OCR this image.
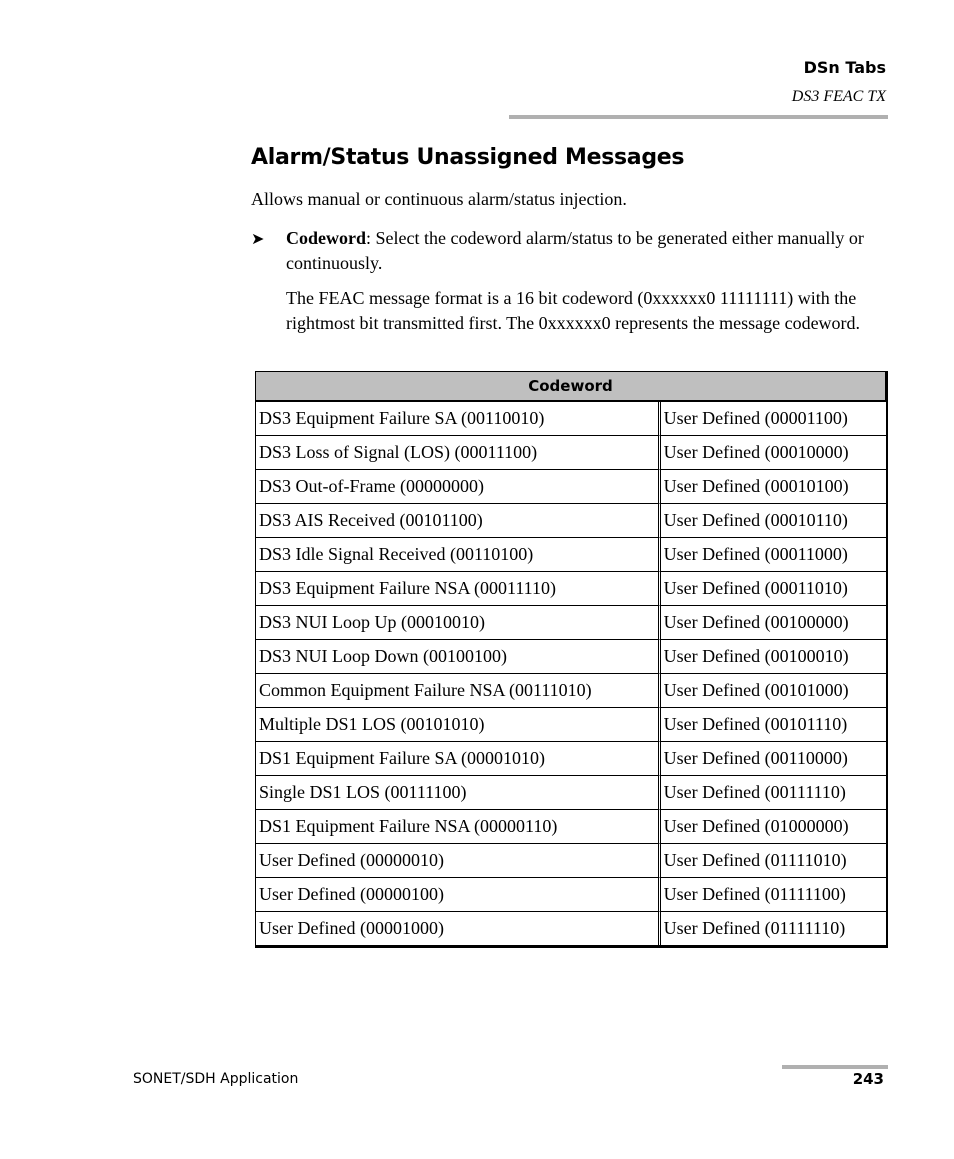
DSn Tabs
DS3 FEAC TX
Alarm/Status Unassigned Messages
Allows manual or continuous alarm/status injection.
➤ Codeword: Select the codeword alarm/status to be generated either manually or continuously.
The FEAC message format is a 16 bit codeword (0xxxxxx0 11111111) with the rightmost bit transmitted first. The 0xxxxxx0 represents the message codeword.
Codeword	
DS3 Equipment Failure SA (00110010)	User Defined (00001100)
DS3 Loss of Signal (LOS) (00011100)	User Defined (00010000)
DS3 Out-of-Frame (00000000)	User Defined (00010100)
DS3 AIS Received (00101100)	User Defined (00010110)
DS3 Idle Signal Received (00110100)	User Defined (00011000)
DS3 Equipment Failure NSA (00011110)	User Defined (00011010)
DS3 NUI Loop Up (00010010)	User Defined (00100000)
DS3 NUI Loop Down (00100100)	User Defined (00100010)
Common Equipment Failure NSA (00111010)	User Defined (00101000)
Multiple DS1 LOS (00101010)	User Defined (00101110)
DS1 Equipment Failure SA (00001010)	User Defined (00110000)
Single DS1 LOS (00111100)	User Defined (00111110)
DS1 Equipment Failure NSA (00000110)	User Defined (01000000)
User Defined (00000010)	User Defined (01111010)
User Defined (00000100)	User Defined (01111100)
User Defined (00001000)	User Defined (01111110)
SONET/SDH Application	243
